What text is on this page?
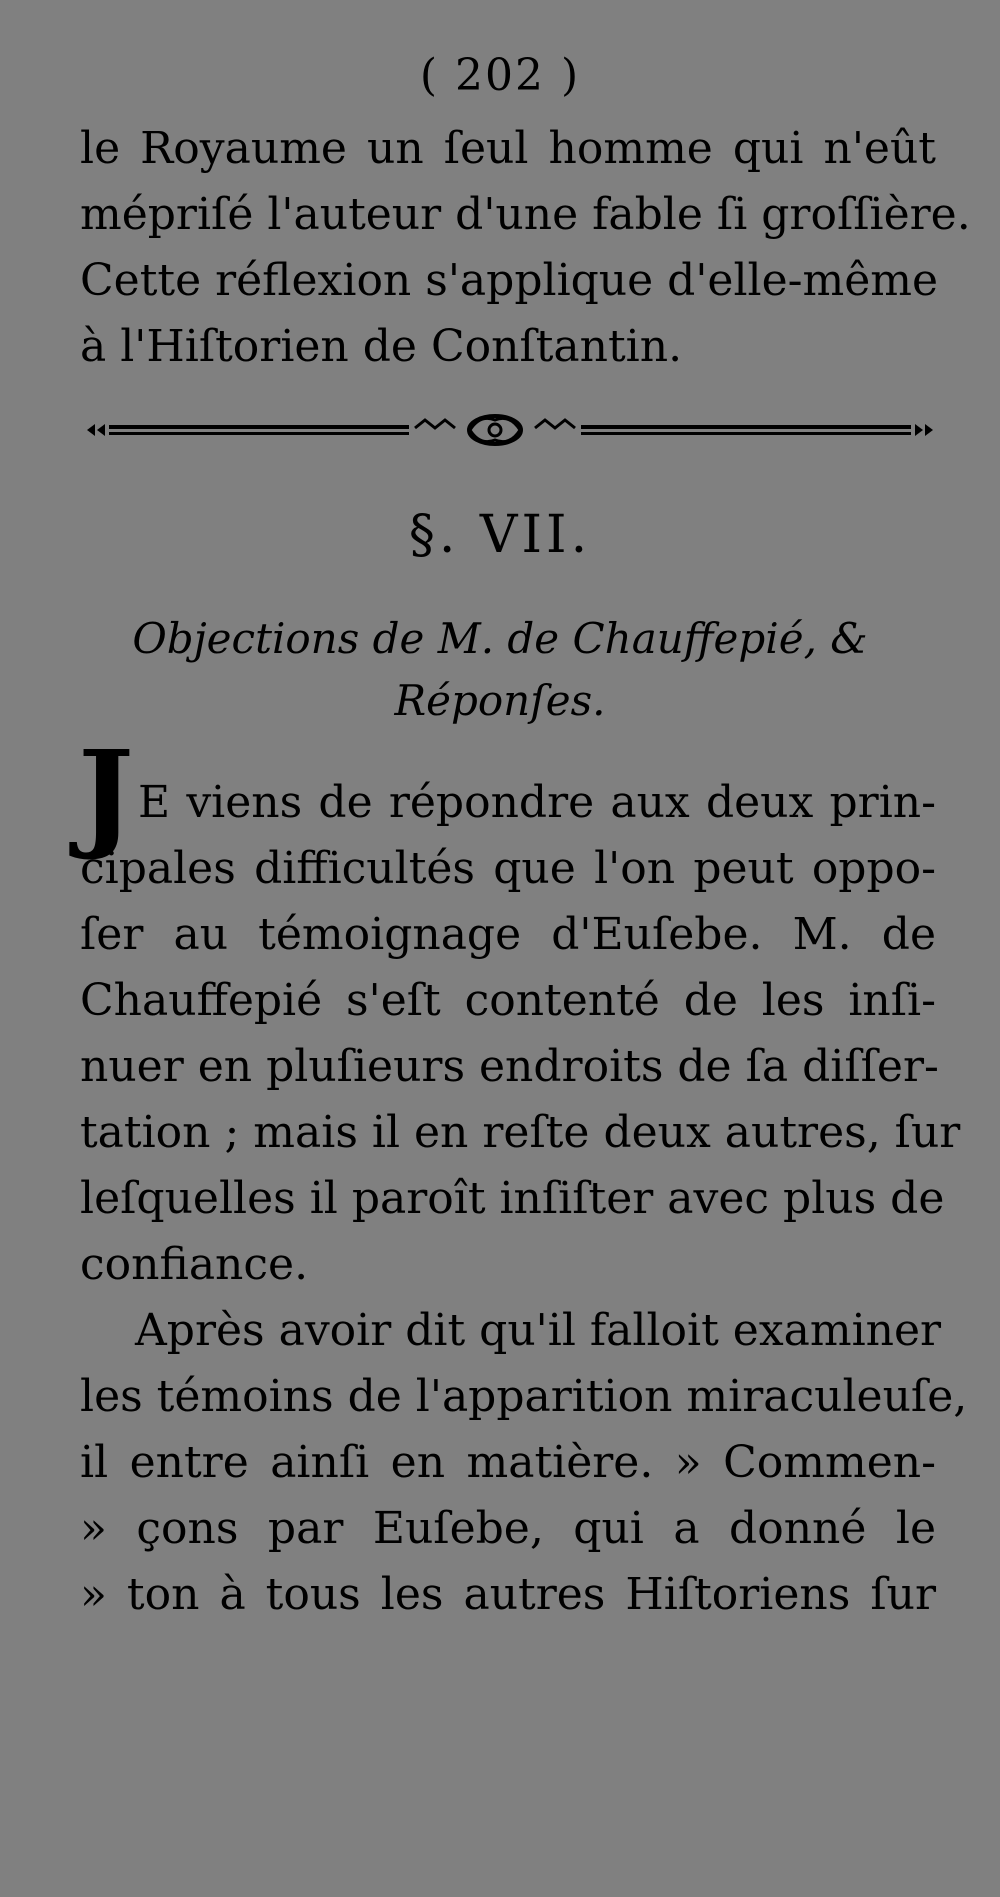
( 202 )
le Royaume un ſeul homme qui n'eût
mépriſé l'auteur d'une fable ſi groſſière.
Cette réflexion s'applique d'elle-même
à l'Hiſtorien de Conſtantin.
§. VII.
Objections de M. de Chauffepié, &
Réponſes.
J E viens de répondre aux deux prin-
cipales difficultés que l'on peut oppo-
ſer au témoignage d'Euſebe. M. de
Chauffepié s'eſt contenté de les inſi-
nuer en pluſieurs endroits de ſa diſſer-
tation ; mais il en reſte deux autres, ſur
leſquelles il paroît inſiſter avec plus de
confiance.
Après avoir dit qu'il falloit examiner
les témoins de l'apparition miraculeuſe,
il entre ainſi en matière. » Commen-
» çons par Euſebe, qui a donné le
» ton à tous les autres Hiſtoriens ſur
